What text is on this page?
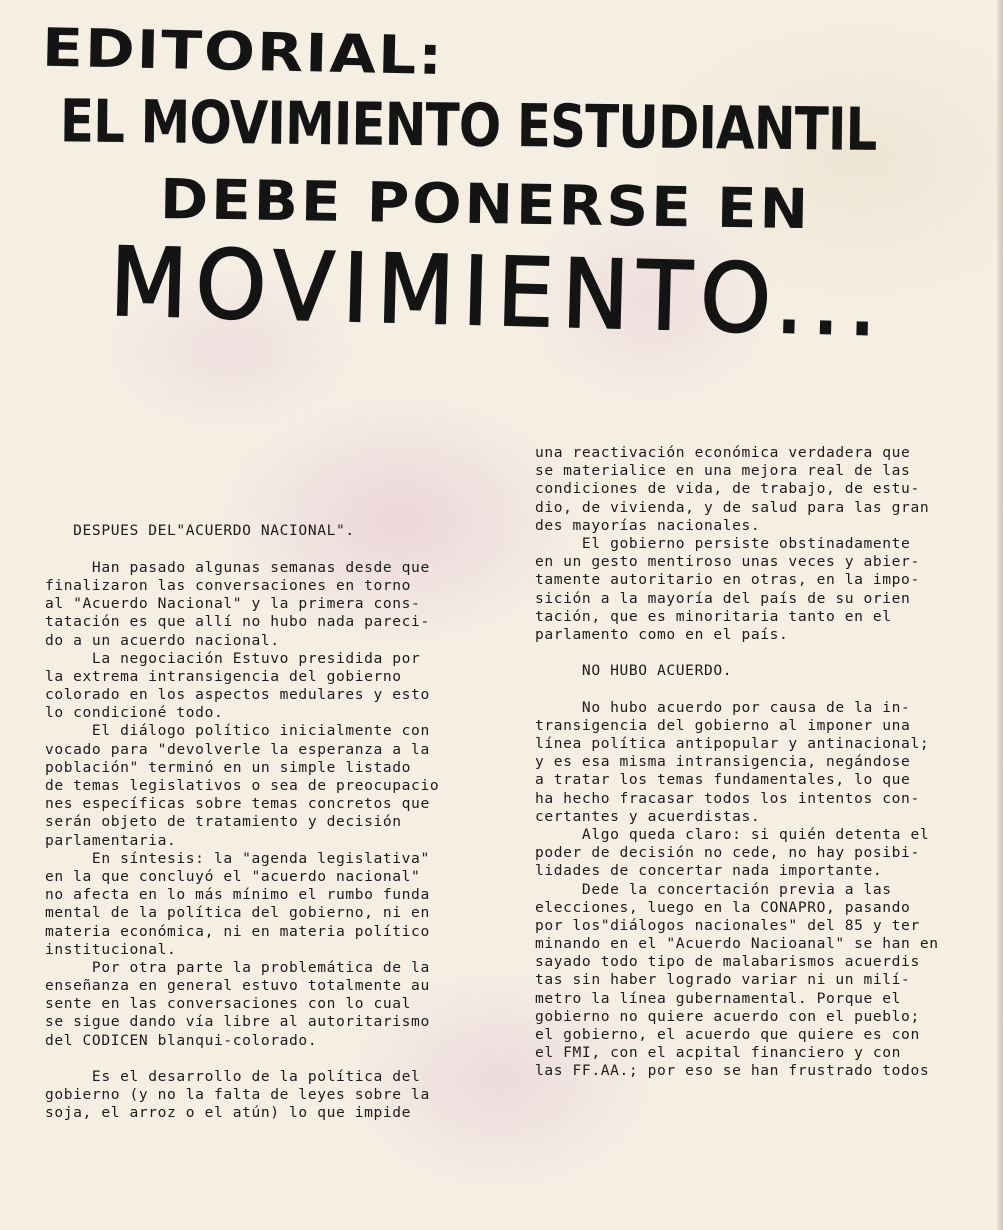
EDITORIAL:
EL MOVIMIENTO ESTUDIANTIL
DEBE PONERSE EN
MOVIMIENTO...
DESPUES DEL"ACUERDO NACIONAL".
Han pasado algunas semanas desde que
finalizaron las conversaciones en torno
al "Acuerdo Nacional" y la primera cons-
tatación es que allí no hubo nada pareci-
do a un acuerdo nacional.
La negociación Estuvo presidida por
la extrema intransigencia del gobierno
colorado en los aspectos medulares y esto
lo condicioné todo.
El diálogo político inicialmente con
vocado para "devolverle la esperanza a la
población" terminó en un simple listado
de temas legislativos o sea de preocupacio
nes específicas sobre temas concretos que
serán objeto de tratamiento y decisión
parlamentaria.
En síntesis: la "agenda legislativa"
en la que concluyó el "acuerdo nacional"
no afecta en lo más mínimo el rumbo funda
mental de la política del gobierno, ni en
materia económica, ni en materia político
institucional.
Por otra parte la problemática de la
enseñanza en general estuvo totalmente au
sente en las conversaciones con lo cual
se sigue dando vía libre al autoritarismo
del CODICEN blanqui-colorado.
Es el desarrollo de la política del
gobierno (y no la falta de leyes sobre la
soja, el arroz o el atún) lo que impide
una reactivación económica verdadera que
se materialice en una mejora real de las
condiciones de vida, de trabajo, de estu-
dio, de vivienda, y de salud para las gran
des mayorías nacionales.
El gobierno persiste obstinadamente
en un gesto mentiroso unas veces y abier-
tamente autoritario en otras, en la impo-
sición a la mayoría del país de su orien
tación, que es minoritaria tanto en el
parlamento como en el país.
NO HUBO ACUERDO.
No hubo acuerdo por causa de la in-
transigencia del gobierno al imponer una
línea política antipopular y antinacional;
y es esa misma intransigencia, negándose
a tratar los temas fundamentales, lo que
ha hecho fracasar todos los intentos con-
certantes y acuerdistas.
Algo queda claro: si quién detenta el
poder de decisión no cede, no hay posibi-
lidades de concertar nada importante.
Dede la concertación previa a las
elecciones, luego en la CONAPRO, pasando
por los"diálogos nacionales" del 85 y ter
minando en el "Acuerdo Nacioanal" se han en
sayado todo tipo de malabarismos acuerdis
tas sin haber logrado variar ni un milí-
metro la línea gubernamental. Porque el
gobierno no quiere acuerdo con el pueblo;
el gobierno, el acuerdo que quiere es con
el FMI, con el acpital financiero y con
las FF.AA.; por eso se han frustrado todos
